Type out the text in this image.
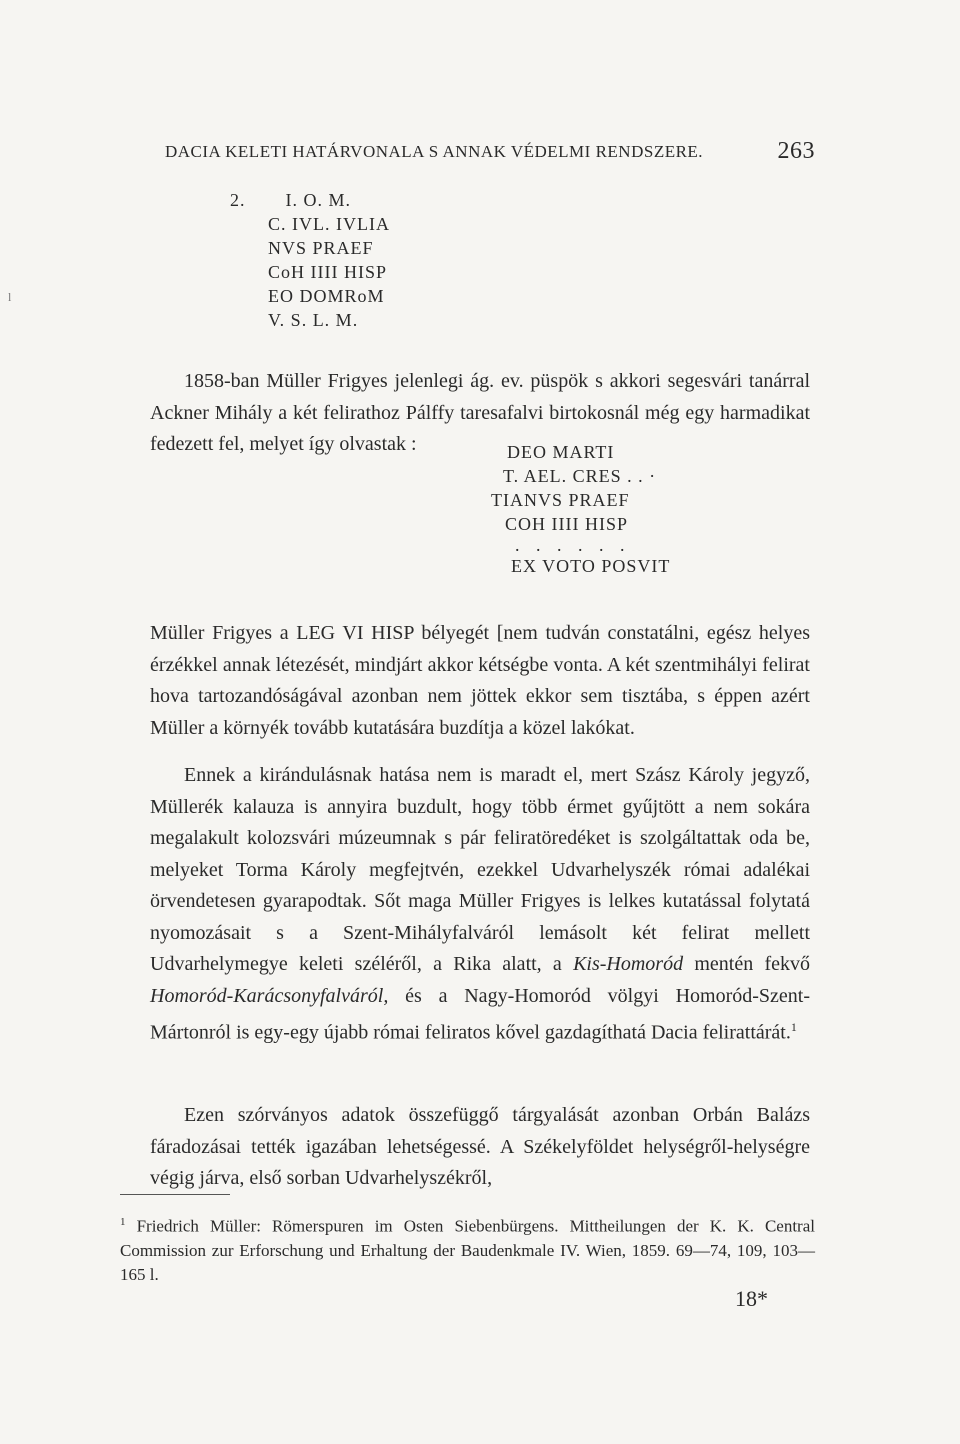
l
DACIA KELETI HATÁRVONALA S ANNAK VÉDELMI RENDSZERE.	263
2. I. O. M.
C. IVL. IVLIA
NVS PRAEF
CoH IIII HISP
EO DOMRoM
V. S. L. M.

1858-ban Müller Frigyes jelenlegi ág. ev. püspök s akkori segesvári tanárral Ackner Mihály a két felirathoz Pálffy taresafalvi birtokosnál még egy harmadikat fedezett fel, melyet így olvastak :	DEO MARTI
T. AEL. CRES . . ·
TIANVS PRAEF
COH IIII HISP
. . . . . .
EX VOTO POSVIT

Müller Frigyes a LEG VI HISP bélyegét [nem tudván constatálni, egész helyes érzékkel annak létezését, mindjárt akkor kétségbe vonta. A két szentmihályi felirat hova tartozandóságával azonban nem jöttek ekkor sem tisztába, s éppen azért Müller a környék tovább kutatására buzdítja a közel lakókat.

Ennek a kirándulásnak hatása nem is maradt el, mert Szász Károly jegyző, Müllerék kalauza is annyira buzdult, hogy több érmet gyűjtött a nem sokára megalakult kolozsvári múzeumnak s pár feliratöredéket is szolgáltattak oda be, melyeket Torma Károly megfejtvén, ezekkel Udvarhelyszék római adalékai örvendetesen gyarapodtak. Sőt maga Müller Frigyes is lelkes kutatással folytatá nyomozásait s a Szent-Mihályfalváról lemásolt két felirat mellett Udvarhelymegye keleti széléről, a Rika alatt, a Kis-Homoród mentén fekvő Homoród-Karácsonyfalváról, és a Nagy-Homoród völgyi Homoród-Szent-Mártonról is egy-egy újabb római feliratos kővel gazdagíthatá Dacia felirattárát.$^1$

Ezen szórványos adatok összefüggő tárgyalását azonban Orbán Balázs fáradozásai tették igazában lehetségessé. A Székelyföldet helységről-helységre végig járva, első sorban Udvarhelyszékről,

$^1$ Friedrich Müller: Römerspuren im Osten Siebenbürgens. Mittheilungen der K. K. Central Commission zur Erforschung und Erhaltung der Baudenkmale IV. Wien, 1859. 69—74, 109, 103—165 l.
18*
